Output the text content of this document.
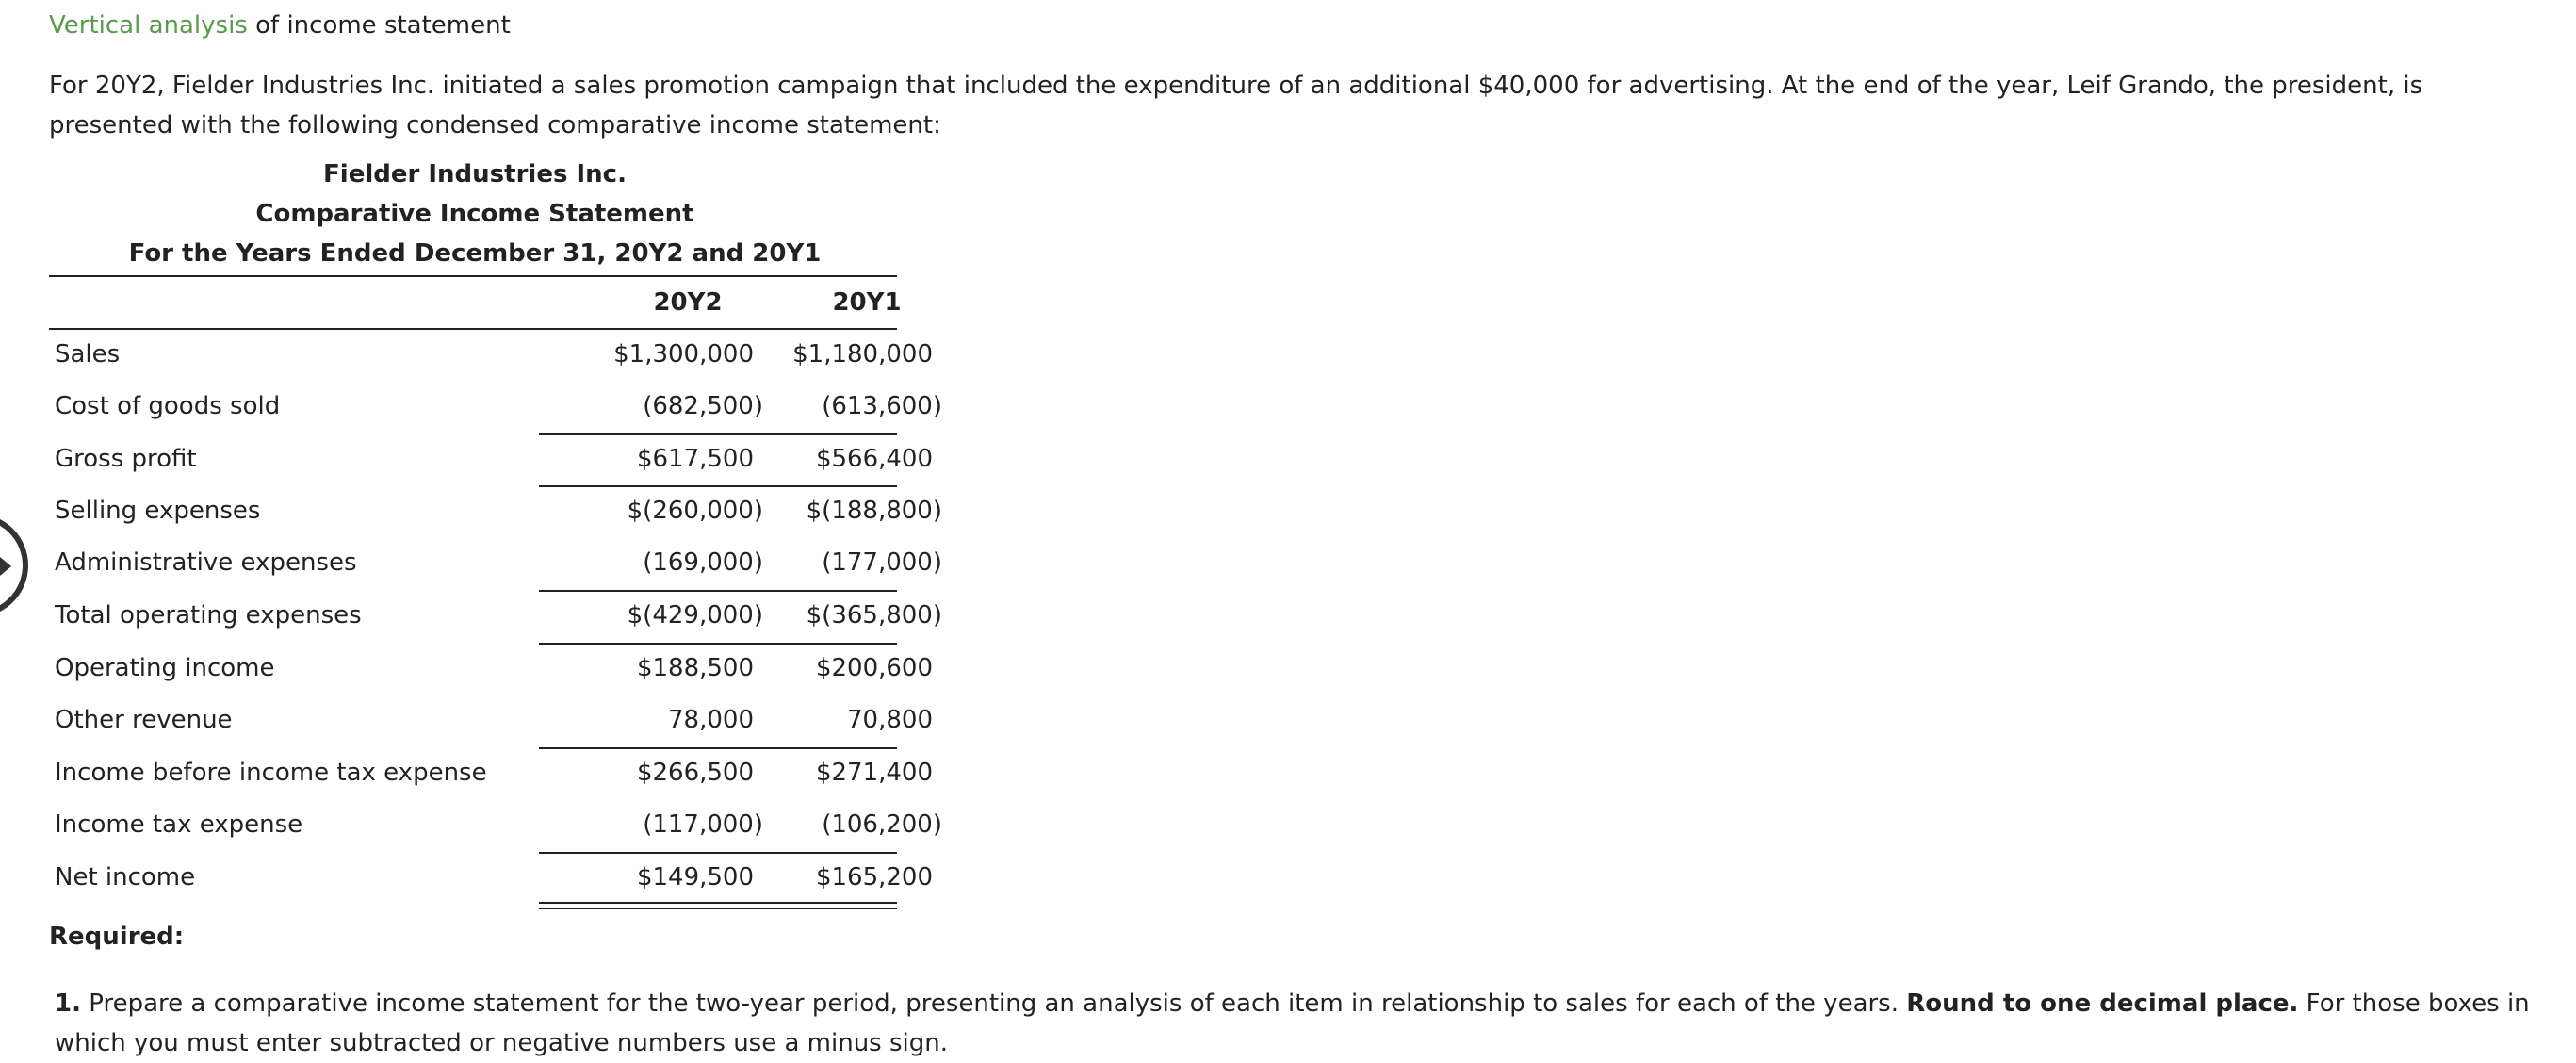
Vertical analysis of income statement
For 20Y2, Fielder Industries Inc. initiated a sales promotion campaign that included the expenditure of an additional $40,000 for advertising. At the end of the year, Leif Grando, the president, is presented with the following condensed comparative income statement:
Fielder Industries Inc.
Comparative Income Statement
For the Years Ended December 31, 20Y2 and 20Y1
20Y2	20Y1
Sales	$1,300,000	$1,180,000
Cost of goods sold	(682,500)	(613,600)
Gross profit	$617,500	$566,400
Selling expenses	$(260,000)	$(188,800)
Administrative expenses	(169,000)	(177,000)
Total operating expenses	$(429,000)	$(365,800)
Operating income	$188,500	$200,600
Other revenue	78,000	70,800
Income before income tax expense	$266,500	$271,400
Income tax expense	(117,000)	(106,200)
Net income	$149,500	$165,200
Required:
1. Prepare a comparative income statement for the two-year period, presenting an analysis of each item in relationship to sales for each of the years. Round to one decimal place. For those boxes in which you must enter subtracted or negative numbers use a minus sign.
